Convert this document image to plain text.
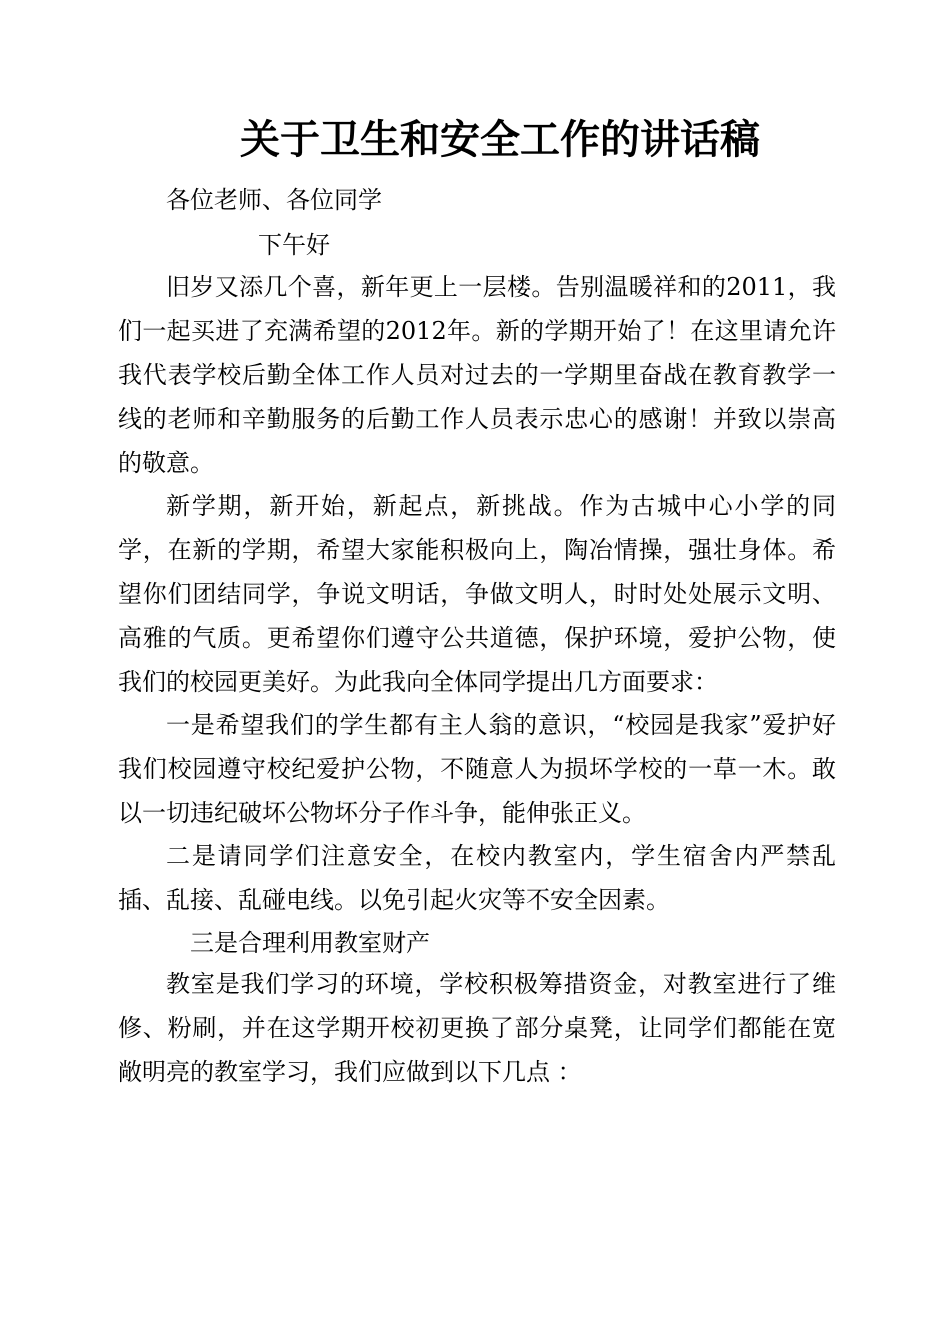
关于卫生和安全工作的讲话稿
各位老师、各位同学
下午好
旧岁又添几个喜，新年更上一层楼。告别温暖祥和的2011，我们一起买进了充满希望的2012年。新的学期开始了！在这里请允许我代表学校后勤全体工作人员对过去的一学期里奋战在教育教学一线的老师和辛勤服务的后勤工作人员表示忠心的感谢！并致以崇高的敬意。
新学期，新开始，新起点，新挑战。作为古城中心小学的同学，在新的学期，希望大家能积极向上，陶冶情操，强壮身体。希望你们团结同学，争说文明话，争做文明人，时时处处展示文明、高雅的气质。更希望你们遵守公共道德，保护环境，爱护公物，使我们的校园更美好。为此我向全体同学提出几方面要求：
一是希望我们的学生都有主人翁的意识，“校园是我家”爱护好我们校园遵守校纪爱护公物，不随意人为损坏学校的一草一木。敢以一切违纪破坏公物坏分子作斗争，能伸张正义。
二是请同学们注意安全，在校内教室内，学生宿舍内严禁乱插、乱接、乱碰电线。以免引起火灾等不安全因素。
三是合理利用教室财产
教室是我们学习的环境，学校积极筹措资金，对教室进行了维修、粉刷，并在这学期开校初更换了部分桌凳，让同学们都能在宽敞明亮的教室学习，我们应做到以下几点 ：
